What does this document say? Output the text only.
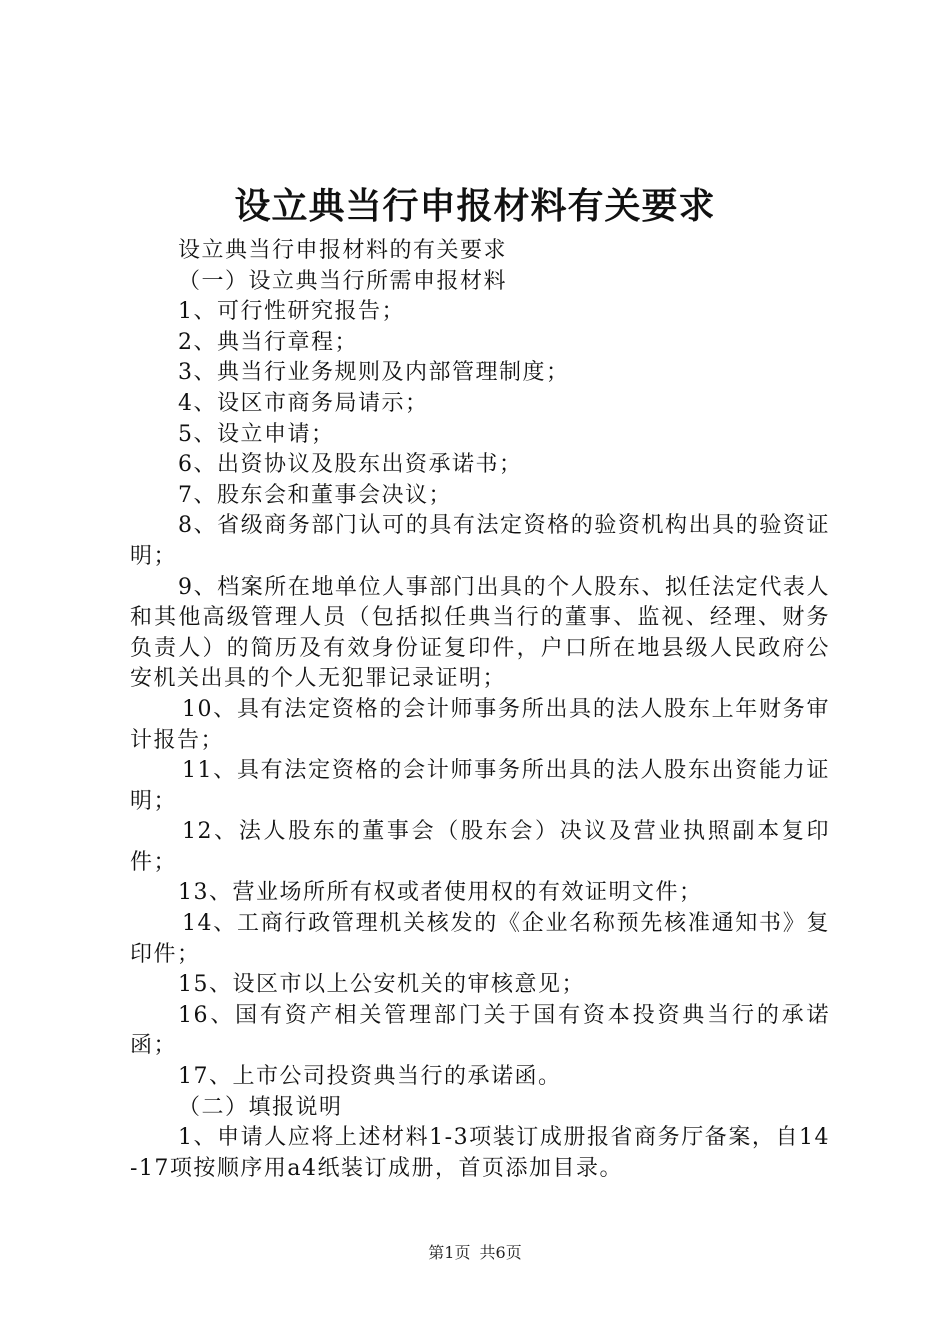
设立典当行申报材料有关要求

设立典当行申报材料的有关要求

（一）设立典当行所需申报材料

1、可行性研究报告；

2、典当行章程；

3、典当行业务规则及内部管理制度；

4、设区市商务局请示；

5、设立申请；

6、出资协议及股东出资承诺书；

7、股东会和董事会决议；

8、省级商务部门认可的具有法定资格的验资机构出具的验资证明；

9、档案所在地单位人事部门出具的个人股东、拟任法定代表人和其他高级管理人员（包括拟任典当行的董事、监视、经理、财务负责人）的简历及有效身份证复印件，户口所在地县级人民政府公安机关出具的个人无犯罪记录证明；

10、具有法定资格的会计师事务所出具的法人股东上年财务审计报告；

11、具有法定资格的会计师事务所出具的法人股东出资能力证明；

12、法人股东的董事会（股东会）决议及营业执照副本复印件；

13、营业场所所有权或者使用权的有效证明文件；

14、工商行政管理机关核发的《企业名称预先核准通知书》复印件；

15、设区市以上公安机关的审核意见；

16、国有资产相关管理部门关于国有资本投资典当行的承诺函；

17、上市公司投资典当行的承诺函。

（二）填报说明

1、申请人应将上述材料1-3项装订成册报省商务厅备案，自14-17项按顺序用a4纸装订成册，首页添加目录。

第1页 共6页
